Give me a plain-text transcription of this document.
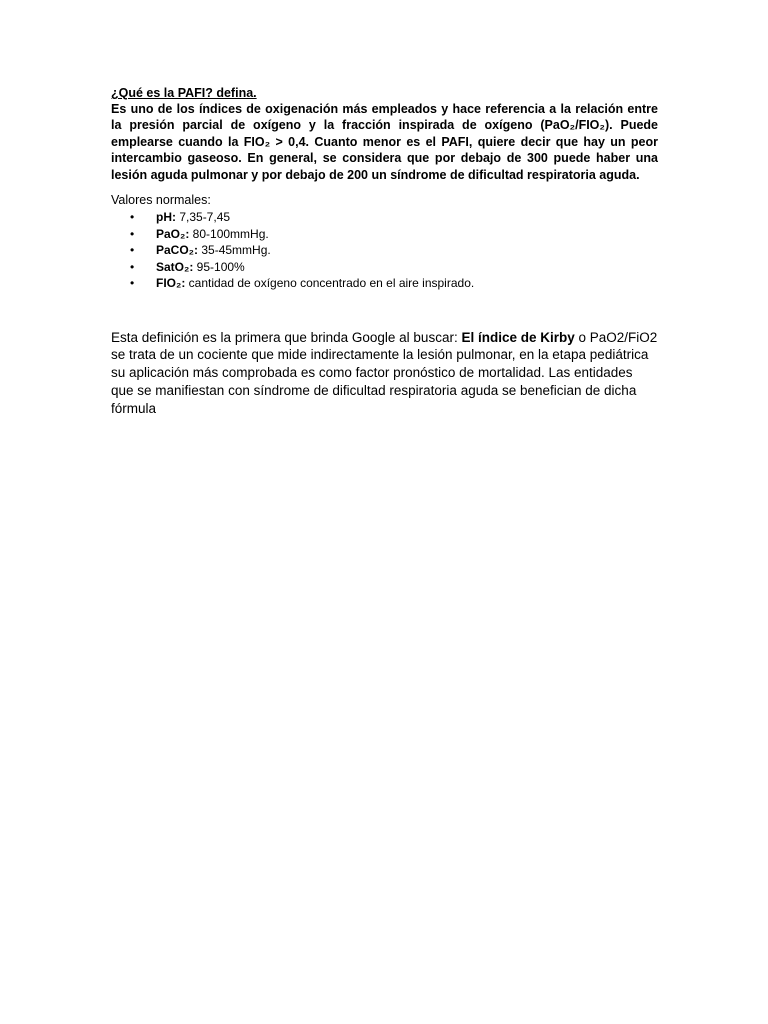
¿Qué es la PAFI? defina.

Es uno de los índices de oxigenación más empleados y hace referencia a la relación entre la presión parcial de oxígeno y la fracción inspirada de oxígeno (PaO₂/FIO₂). Puede emplearse cuando la FIO₂ > 0,4. Cuanto menor es el PAFI, quiere decir que hay un peor intercambio gaseoso. En general, se considera que por debajo de 300 puede haber una lesión aguda pulmonar y por debajo de 200 un síndrome de dificultad respiratoria aguda.

Valores normales:

• pH: 7,35-7,45
• PaO₂: 80-100mmHg.
• PaCO₂: 35-45mmHg.
• SatO₂: 95-100%
• FIO₂: cantidad de oxígeno concentrado en el aire inspirado.

Esta definición es la primera que brinda Google al buscar: El índice de Kirby o PaO2/FiO2 se trata de un cociente que mide indirectamente la lesión pulmonar, en la etapa pediátrica su aplicación más comprobada es como factor pronóstico de mortalidad. Las entidades que se manifiestan con síndrome de dificultad respiratoria aguda se benefician de dicha fórmula
